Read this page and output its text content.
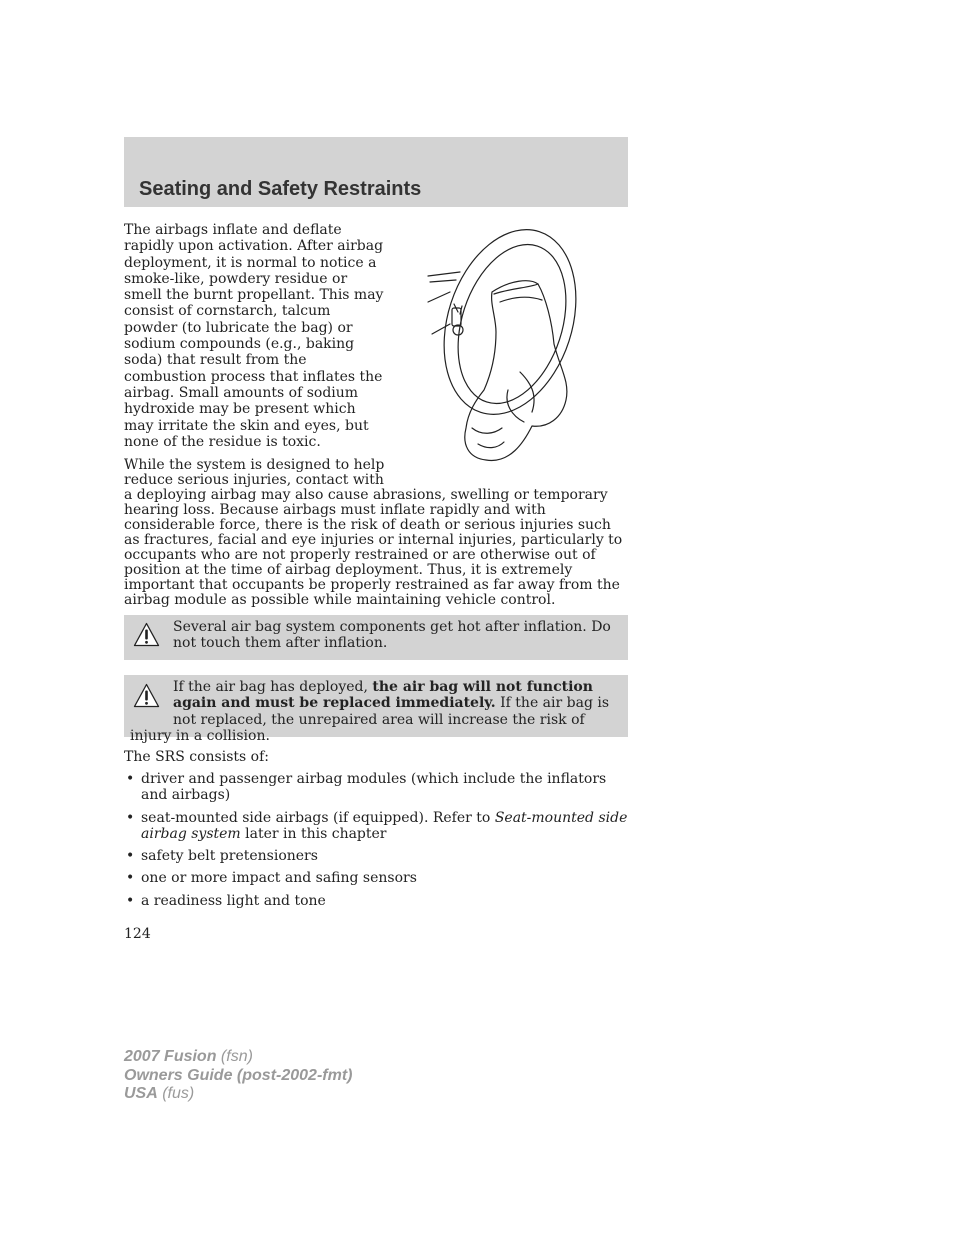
Seating and Safety Restraints

The airbags inflate and deflate rapidly upon activation. After airbag deployment, it is normal to notice a smoke-like, powdery residue or smell the burnt propellant. This may consist of cornstarch, talcum powder (to lubricate the bag) or sodium compounds (e.g., baking soda) that result from the combustion process that inflates the airbag. Small amounts of sodium hydroxide may be present which may irritate the skin and eyes, but none of the residue is toxic.

While the system is designed to help reduce serious injuries, contact with
a deploying airbag may also cause abrasions, swelling or temporary hearing loss. Because airbags must inflate rapidly and with considerable force, there is the risk of death or serious injuries such as fractures, facial and eye injuries or internal injuries, particularly to occupants who are not properly restrained or are otherwise out of position at the time of airbag deployment. Thus, it is extremely important that occupants be properly restrained as far away from the airbag module as possible while maintaining vehicle control.

Several air bag system components get hot after inflation. Do not touch them after inflation.

If the air bag has deployed, the air bag will not function again and must be replaced immediately. If the air bag is not replaced, the unrepaired area will increase the risk of injury in a collision.

The SRS consists of:

• driver and passenger airbag modules (which include the inflators and airbags)
• seat-mounted side airbags (if equipped). Refer to Seat-mounted side airbag system later in this chapter
• safety belt pretensioners
• one or more impact and safing sensors
• a readiness light and tone

124

2007 Fusion (fsn)
Owners Guide (post-2002-fmt)
USA (fus)
